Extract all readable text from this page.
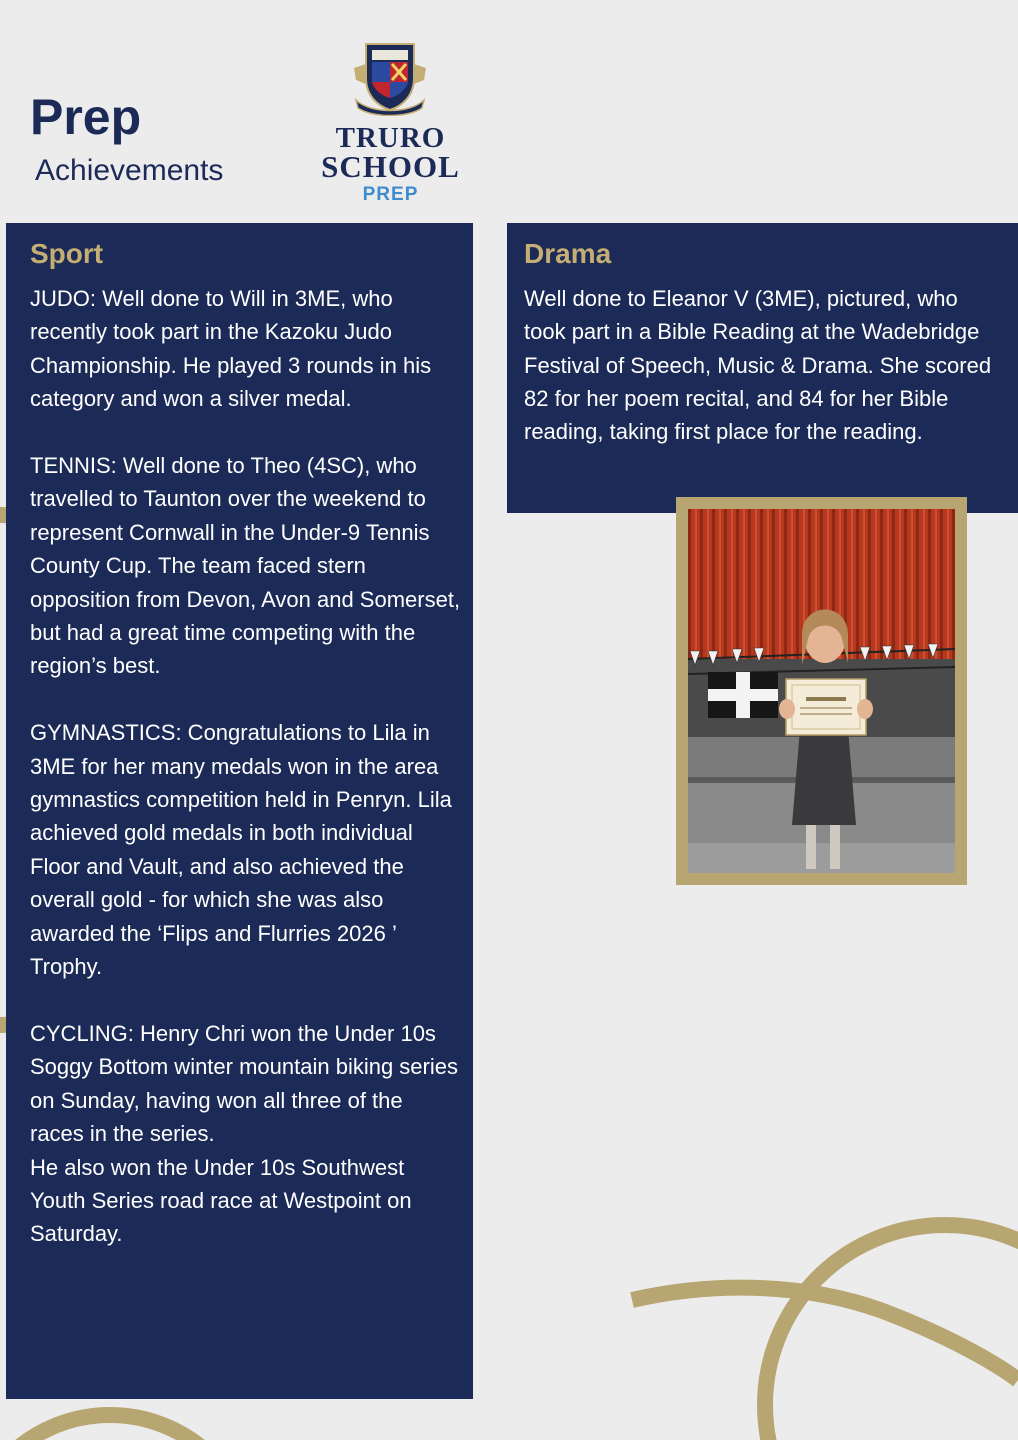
Prep
Achievements
TRURO
SCHOOL
PREP
Sport

JUDO: Well done to Will in 3ME, who recently took part in the Kazoku Judo Championship. He played 3 rounds in his category and won a silver medal.

TENNIS: Well done to Theo (4SC), who travelled to Taunton over the weekend to represent Cornwall in the Under-9 Tennis County Cup. The team faced stern opposition from Devon, Avon and Somerset, but had a great time competing with the region’s best.

GYMNASTICS: Congratulations to Lila in 3ME for her many medals won in the area gymnastics competition held in Penryn. Lila achieved gold medals in both individual Floor and Vault, and also achieved the overall gold - for which she was also awarded the ‘Flips and Flurries 2026 ’ Trophy.

CYCLING: Henry Chri won the Under 10s Soggy Bottom winter mountain biking series on Sunday, having won all three of the races in the series.
He also won the Under 10s Southwest Youth Series road race at Westpoint on Saturday.

Drama

Well done to Eleanor V (3ME), pictured, who took part in a Bible Reading at the Wadebridge Festival of Speech, Music & Drama. She scored 82 for her poem recital, and 84 for her Bible reading, taking first place for the reading.
